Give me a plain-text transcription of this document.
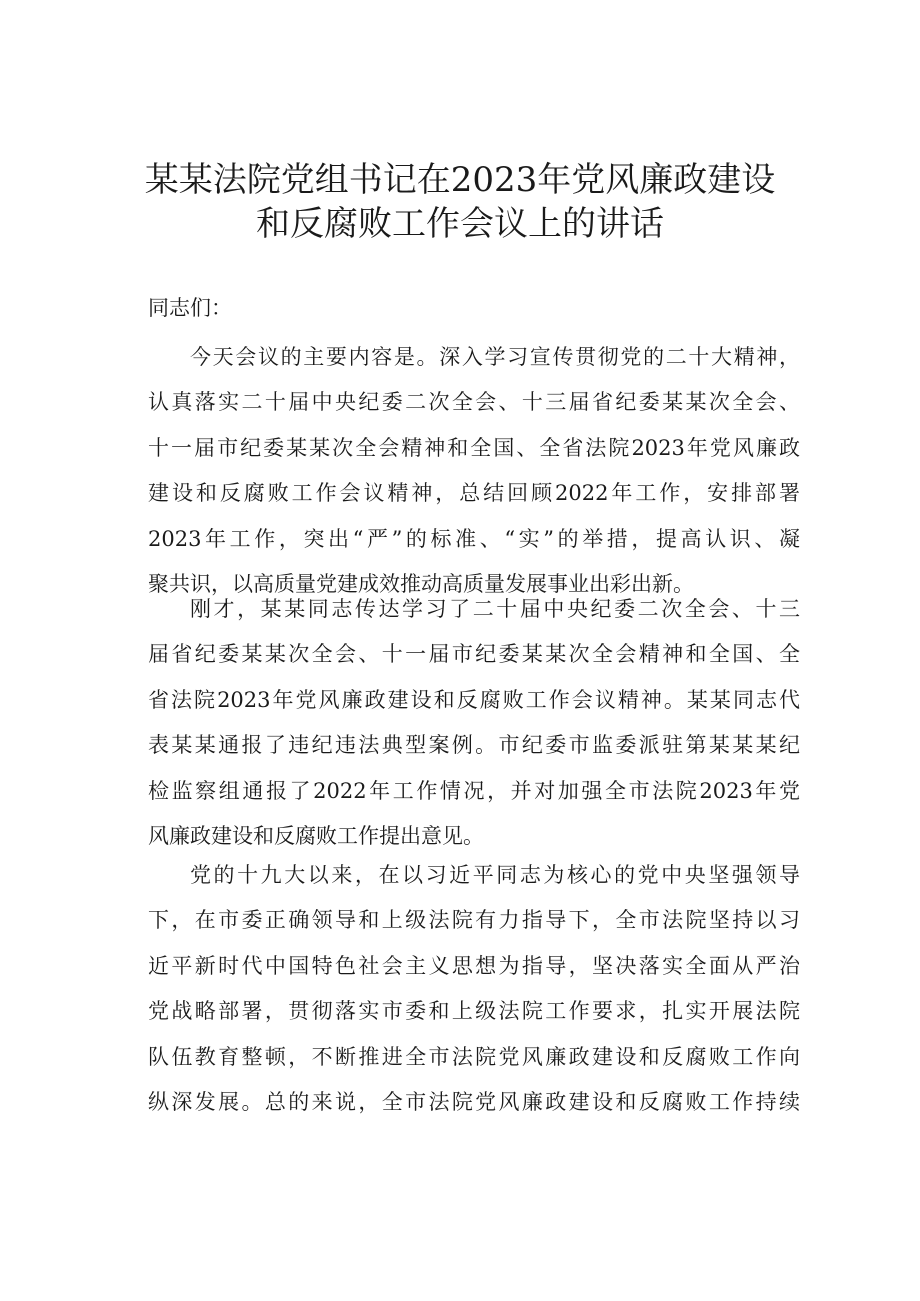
某某法院党组书记在2023年党风廉政建设
和反腐败工作会议上的讲话
同志们：
今天会议的主要内容是。深入学习宣传贯彻党的二十大精神，
认真落实二十届中央纪委二次全会、十三届省纪委某某次全会、
十一届市纪委某某次全会精神和全国、全省法院2023年党风廉政
建设和反腐败工作会议精神，总结回顾2022年工作，安排部署
2023年工作，突出“严”的标准、“实”的举措，提高认识、凝
聚共识，以高质量党建成效推动高质量发展事业出彩出新。
刚才，某某同志传达学习了二十届中央纪委二次全会、十三
届省纪委某某次全会、十一届市纪委某某次全会精神和全国、全
省法院2023年党风廉政建设和反腐败工作会议精神。某某同志代
表某某通报了违纪违法典型案例。市纪委市监委派驻第某某某纪
检监察组通报了2022年工作情况，并对加强全市法院2023年党
风廉政建设和反腐败工作提出意见。
党的十九大以来，在以习近平同志为核心的党中央坚强领导
下，在市委正确领导和上级法院有力指导下，全市法院坚持以习
近平新时代中国特色社会主义思想为指导，坚决落实全面从严治
党战略部署，贯彻落实市委和上级法院工作要求，扎实开展法院
队伍教育整顿，不断推进全市法院党风廉政建设和反腐败工作向
纵深发展。总的来说，全市法院党风廉政建设和反腐败工作持续
